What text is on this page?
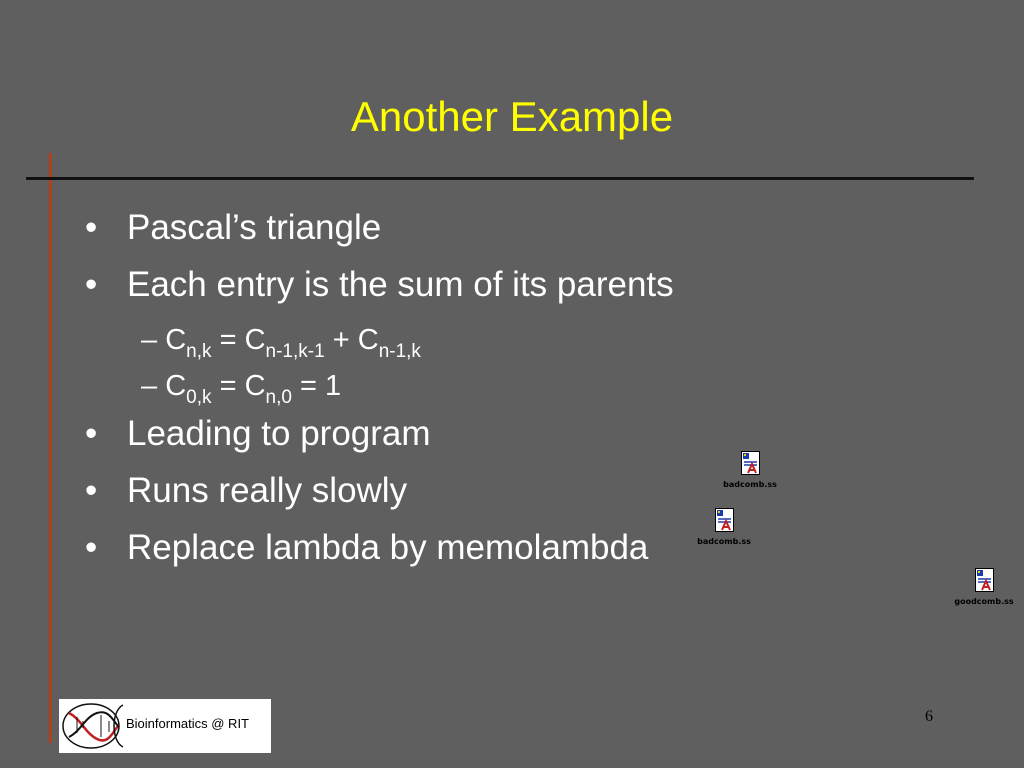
Another Example
• Pascal’s triangle
• Each entry is the sum of its parents
– $C_{n,k} = C_{n-1,k-1} + C_{n-1,k}$
– $C_{0,k} = C_{n,0} = 1$
• Leading to program
• Runs really slowly
• Replace lambda by memolambda
badcomb.ss
badcomb.ss
goodcomb.ss
Bioinformatics @ RIT	6
